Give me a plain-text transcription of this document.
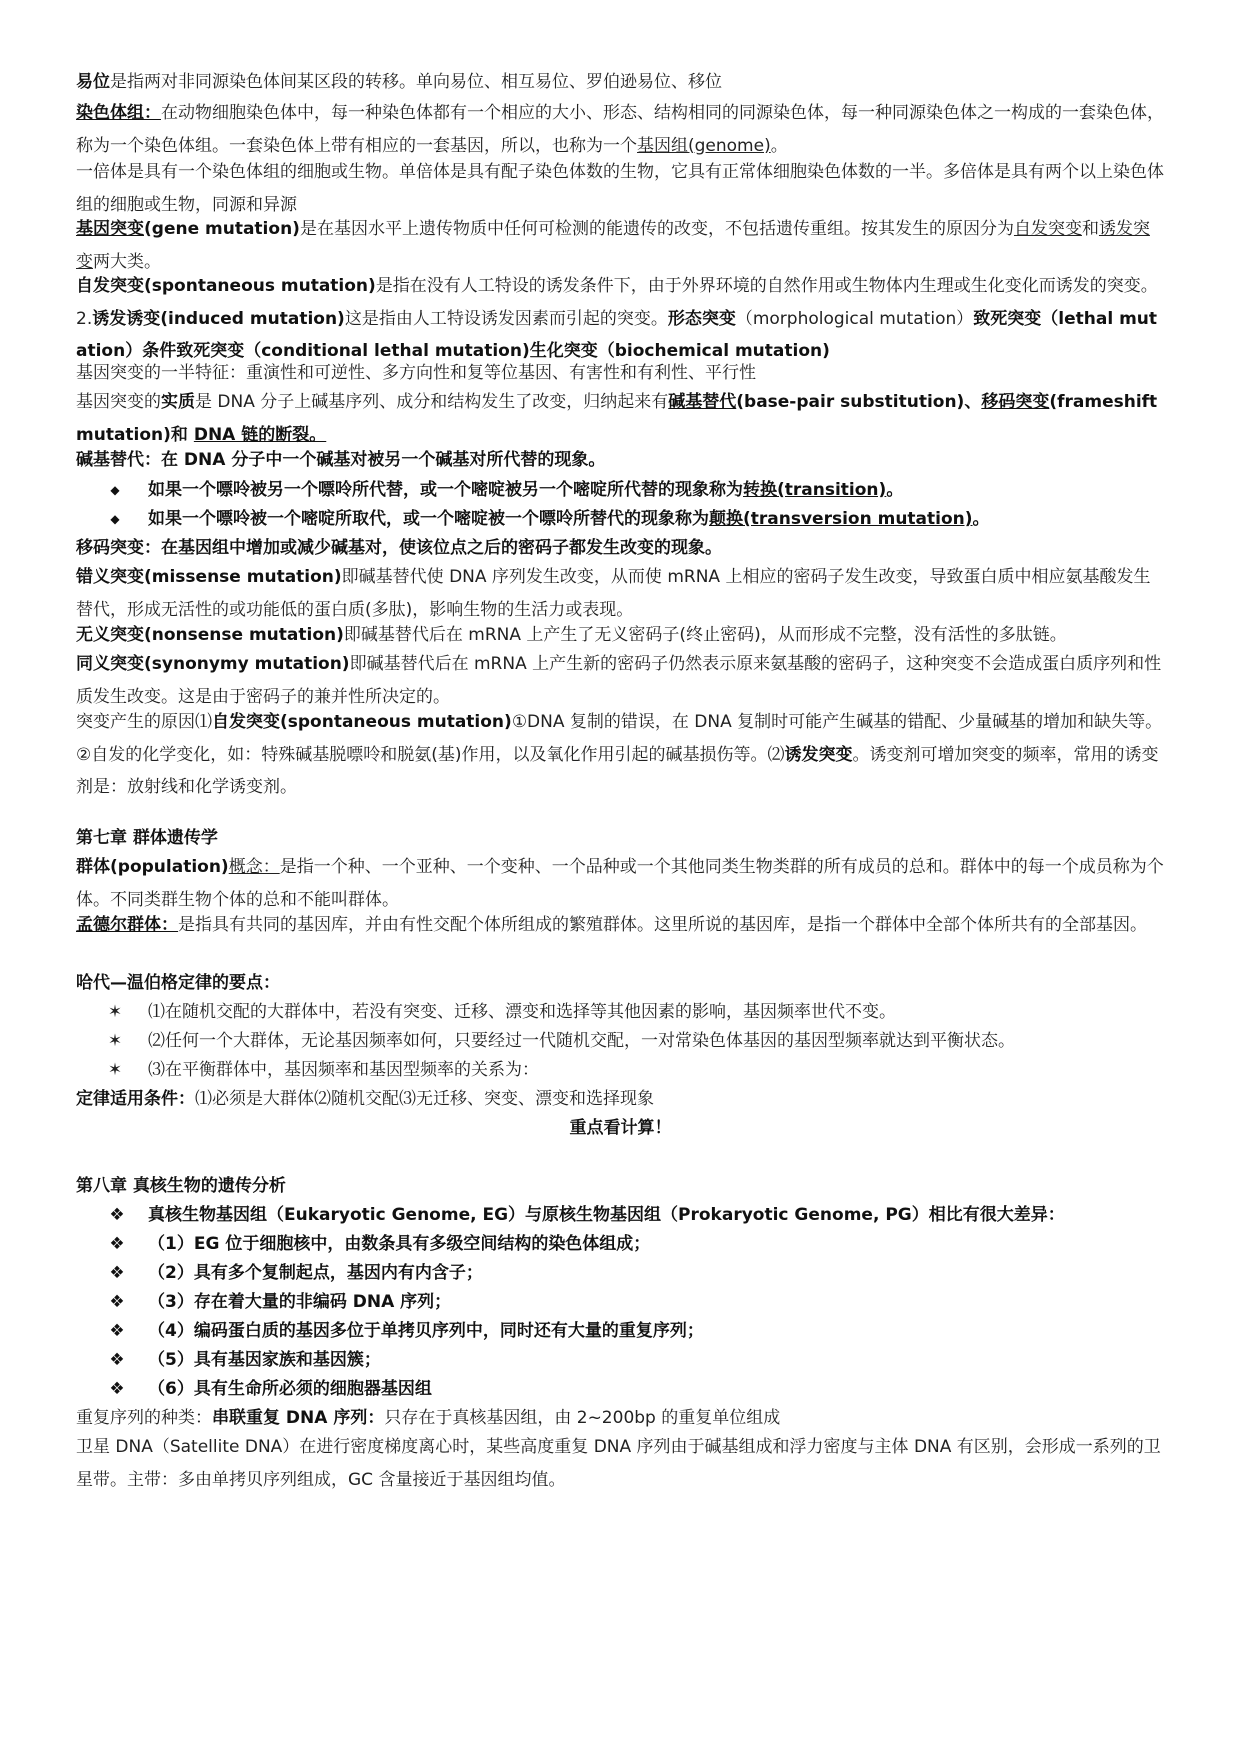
易位是指两对非同源染色体间某区段的转移。单向易位、相互易位、罗伯逊易位、移位

染色体组：在动物细胞染色体中，每一种染色体都有一个相应的大小、形态、结构相同的同源染色体，每一种同源染色体之一构成的一套染色体，称为一个染色体组。一套染色体上带有相应的一套基因，所以，也称为一个基因组(genome)。

一倍体是具有一个染色体组的细胞或生物。单倍体是具有配子染色体数的生物，它具有正常体细胞染色体数的一半。多倍体是具有两个以上染色体组的细胞或生物，同源和异源

基因突变(gene mutation)是在基因水平上遗传物质中任何可检测的能遗传的改变，不包括遗传重组。按其发生的原因分为自发突变和诱发突变两大类。

自发突变(spontaneous mutation)是指在没有人工特设的诱发条件下，由于外界环境的自然作用或生物体内生理或生化变化而诱发的突变。2.诱发诱变(induced mutation)这是指由人工特设诱发因素而引起的突变。形态突变（morphological mutation）致死突变（lethal mutation）条件致死突变（conditional lethal mutation)生化突变（biochemical mutation)

基因突变的一半特征：重演性和可逆性、多方向性和复等位基因、有害性和有利性、平行性

基因突变的实质是 DNA 分子上碱基序列、成分和结构发生了改变，归纳起来有碱基替代(base-pair substitution)、移码突变(frameshift mutation)和 DNA 链的断裂。

碱基替代：在 DNA 分子中一个碱基对被另一个碱基对所代替的现象。

◆	如果一个嘌呤被另一个嘌呤所代替，或一个嘧啶被另一个嘧啶所代替的现象称为转换(transition)。
◆	如果一个嘌呤被一个嘧啶所取代，或一个嘧啶被一个嘌呤所替代的现象称为颠换(transversion mutation)。

移码突变：在基因组中增加或减少碱基对，使该位点之后的密码子都发生改变的现象。

错义突变(missense mutation)即碱基替代使 DNA 序列发生改变，从而使 mRNA 上相应的密码子发生改变，导致蛋白质中相应氨基酸发生替代，形成无活性的或功能低的蛋白质(多肽)，影响生物的生活力或表现。

无义突变(nonsense mutation)即碱基替代后在 mRNA 上产生了无义密码子(终止密码)，从而形成不完整，没有活性的多肽链。

同义突变(synonymy mutation)即碱基替代后在 mRNA 上产生新的密码子仍然表示原来氨基酸的密码子，这种突变不会造成蛋白质序列和性质发生改变。这是由于密码子的兼并性所决定的。

突变产生的原因⑴自发突变(spontaneous mutation)①DNA 复制的错误，在 DNA 复制时可能产生碱基的错配、少量碱基的增加和缺失等。②自发的化学变化，如：特殊碱基脱嘌呤和脱氨(基)作用，以及氧化作用引起的碱基损伤等。⑵诱发突变。诱变剂可增加突变的频率，常用的诱变剂是：放射线和化学诱变剂。

第七章 群体遗传学

群体(population)概念：是指一个种、一个亚种、一个变种、一个品种或一个其他同类生物类群的所有成员的总和。群体中的每一个成员称为个体。不同类群生物个体的总和不能叫群体。

孟德尔群体：是指具有共同的基因库，并由有性交配个体所组成的繁殖群体。这里所说的基因库，是指一个群体中全部个体所共有的全部基因。

哈代—温伯格定律的要点：

✶ ⑴在随机交配的大群体中，若没有突变、迁移、漂变和选择等其他因素的影响，基因频率世代不变。
✶ ⑵任何一个大群体，无论基因频率如何，只要经过一代随机交配，一对常染色体基因的基因型频率就达到平衡状态。
✶ ⑶在平衡群体中，基因频率和基因型频率的关系为：

定律适用条件：⑴必须是大群体⑵随机交配⑶无迁移、突变、漂变和选择现象

重点看计算！

第八章 真核生物的遗传分析

❖ 真核生物基因组（Eukaryotic Genome, EG）与原核生物基因组（Prokaryotic Genome, PG）相比有很大差异：
❖ （1）EG 位于细胞核中，由数条具有多级空间结构的染色体组成；
❖ （2）具有多个复制起点，基因内有内含子；
❖ （3）存在着大量的非编码 DNA 序列；
❖ （4）编码蛋白质的基因多位于单拷贝序列中，同时还有大量的重复序列；
❖ （5）具有基因家族和基因簇；
❖ （6）具有生命所必须的细胞器基因组

重复序列的种类：串联重复 DNA 序列：只存在于真核基因组，由 2~200bp 的重复单位组成

卫星 DNA（Satellite DNA）在进行密度梯度离心时，某些高度重复 DNA 序列由于碱基组成和浮力密度与主体 DNA 有区别，会形成一系列的卫星带。主带：多由单拷贝序列组成，GC 含量接近于基因组均值。
